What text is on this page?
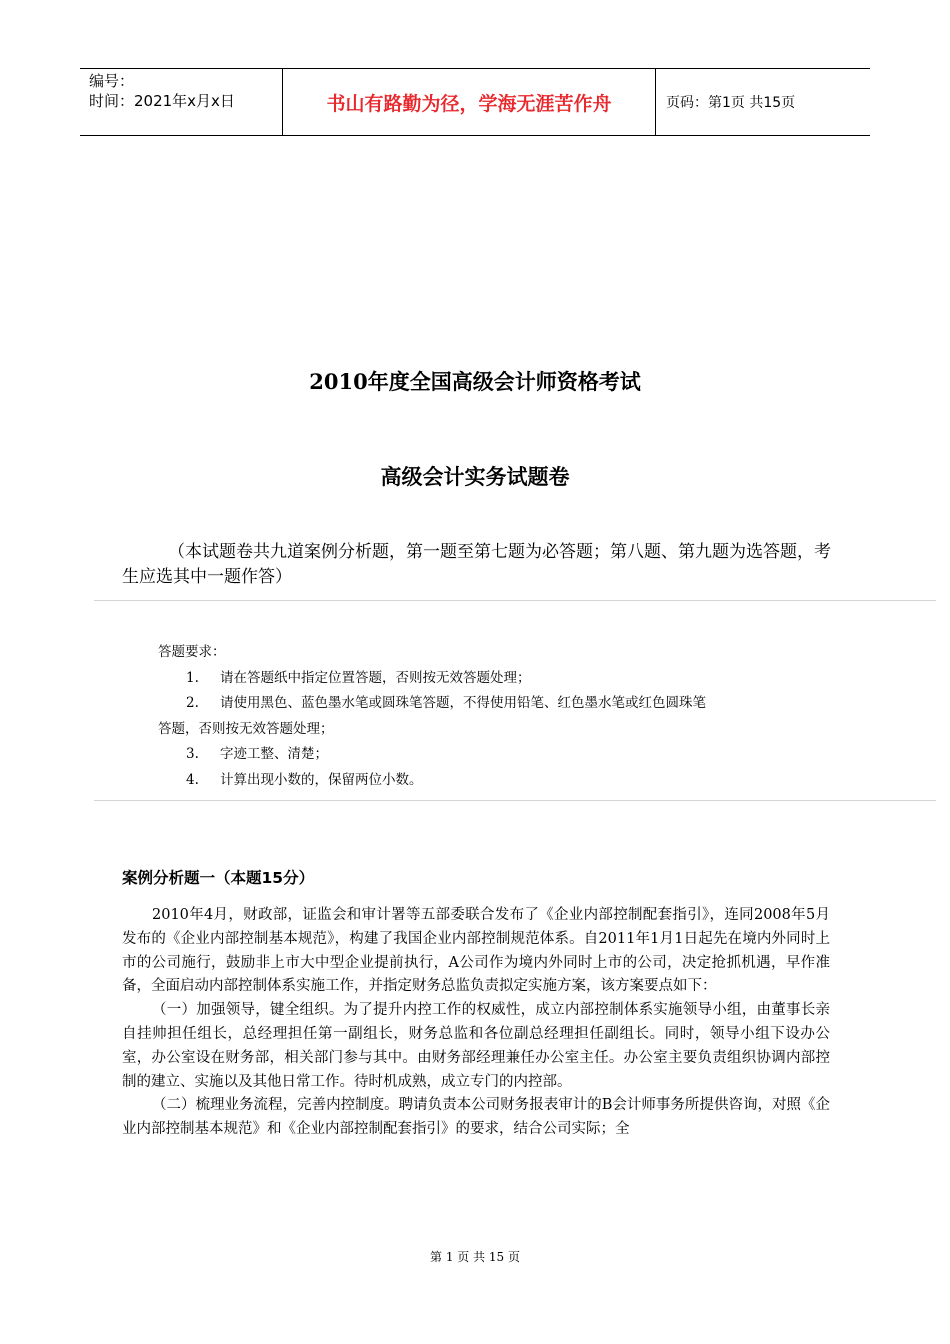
编号：
时间：2021年x月x日	书山有路勤为径，学海无涯苦作舟	页码：第1页 共15页
2010年度全国高级会计师资格考试
高级会计实务试题卷
（本试题卷共九道案例分析题，第一题至第七题为必答题；第八题、第九题为选答题，考生应选其中一题作答）
答题要求：
1. 请在答题纸中指定位置答题，否则按无效答题处理；
2. 请使用黑色、蓝色墨水笔或圆珠笔答题，不得使用铅笔、红色墨水笔或红色圆珠笔
答题，否则按无效答题处理；
3. 字迹工整、清楚；
4. 计算出现小数的，保留两位小数。
案例分析题一（本题15分）

2010年4月，财政部，证监会和审计署等五部委联合发布了《企业内部控制配套指引》，连同2008年5月发布的《企业内部控制基本规范》，构建了我国企业内部控制规范体系。自2011年1月1日起先在境内外同时上市的公司施行，鼓励非上市大中型企业提前执行，A公司作为境内外同时上市的公司，决定抢抓机遇，早作准备，全面启动内部控制体系实施工作，并指定财务总监负责拟定实施方案，该方案要点如下：

（一）加强领导，键全组织。为了提升内控工作的权威性，成立内部控制体系实施领导小组，由董事长亲自挂帅担任组长，总经理担任第一副组长，财务总监和各位副总经理担任副组长。同时，领导小组下设办公室，办公室设在财务部，相关部门参与其中。由财务部经理兼任办公室主任。办公室主要负责组织协调内部控制的建立、实施以及其他日常工作。待时机成熟，成立专门的内控部。

（二）梳理业务流程，完善内控制度。聘请负责本公司财务报表审计的B会计师事务所提供咨询，对照《企业内部控制基本规范》和《企业内部控制配套指引》的要求，结合公司实际；全

第 1 页 共 15 页
